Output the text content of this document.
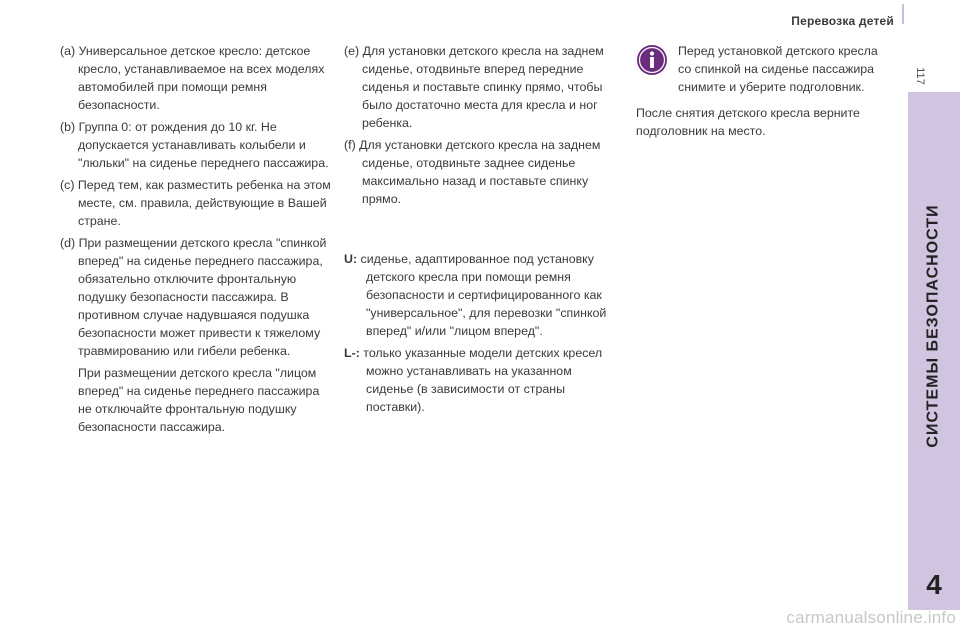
Перевозка детей
117
СИСТЕМЫ БЕЗОПАСНОСТИ
4

(a) Универсальное детское кресло: детское кресло, устанавливаемое на всех моделях автомобилей при помощи ремня безопасности.

(b) Группа 0: от рождения до 10 кг. Не допускается устанавливать колыбели и "люльки" на сиденье переднего пассажира.

(c) Перед тем, как разместить ребенка на этом месте, см. правила, действующие в Вашей стране.

(d) При размещении детского кресла "спинкой вперед" на сиденье переднего пассажира, обязательно отключите фронтальную подушку безопасности пассажира. В противном случае надувшаяся подушка безопасности может привести к тяжелому травмированию или гибели ребенка.

При размещении детского кресла "лицом вперед" на сиденье переднего пассажира не отключайте фронтальную подушку безопасности пассажира.

(e) Для установки детского кресла на заднем сиденье, отодвиньте вперед передние сиденья и поставьте спинку прямо, чтобы было достаточно места для кресла и ног ребенка.

(f) Для установки детского кресла на заднем сиденье, отодвиньте заднее сиденье максимально назад и поставьте спинку прямо.

U: сиденье, адаптированное под установку детского кресла при помощи ремня безопасности и сертифицированного как "универсальное", для перевозки "спинкой вперед" и/или "лицом вперед".

L-: только указанные модели детских кресел можно устанавливать на указанном сиденье (в зависимости от страны поставки).

Перед установкой детского кресла со спинкой на сиденье пассажира снимите и уберите подголовник.

После снятия детского кресла верните подголовник на место.

carmanualsonline.info
